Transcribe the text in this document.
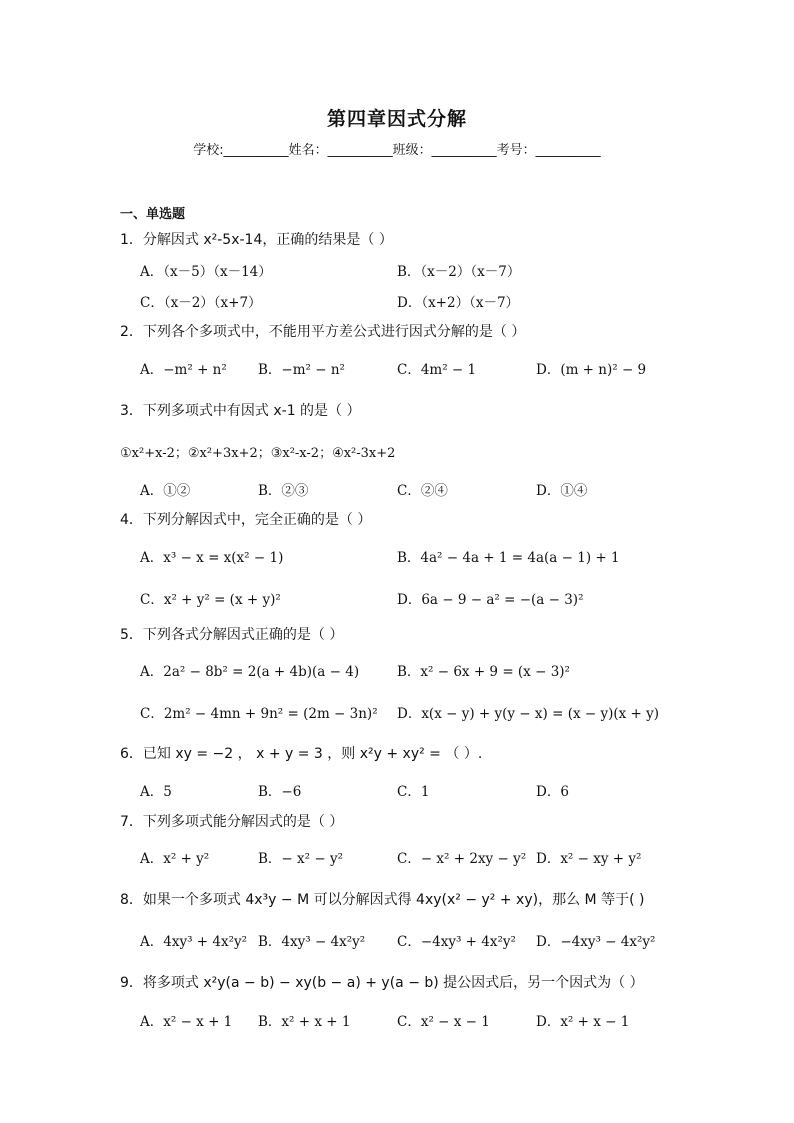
第四章因式分解
学校:__________姓名：__________班级：__________考号：__________
一、单选题
1．分解因式 x²-5x-14，正确的结果是（ ）
A．（x－5）（x－14）	B．（x－2）（x－7）
C．（x－2）（x+7）	D．（x+2）（x－7）
2．下列各个多项式中，不能用平方差公式进行因式分解的是（ ）
A．−m² + n² B．−m² − n²	C．4m² − 1	D．(m + n)² − 9
3．下列多项式中有因式 x-1 的是（ ）
①x²+x-2；②x²+3x+2；③x²-x-2；④x²-3x+2
A．①②	B．②③	C．②④	D．①④
4．下列分解因式中，完全正确的是（ ）
A．x³ − x = x(x² − 1)	B．4a² − 4a + 1 = 4a(a − 1) + 1
C．x² + y² = (x + y)²	D．6a − 9 − a² = −(a − 3)²
5．下列各式分解因式正确的是（ ）
A．2a² − 8b² = 2(a + 4b)(a − 4)	B．x² − 6x + 9 = (x − 3)²
C．2m² − 4mn + 9n² = (2m − 3n)² D．x(x − y) + y(y − x) = (x − y)(x + y)
6．已知 xy = −2 ， x + y = 3 ，则 x²y + xy² = （ ）.
A．5	B．−6	C．1	D．6
7．下列多项式能分解因式的是（ ）
A．x² + y²	B．− x² − y²	C．− x² + 2xy − y² D．x² − xy + y²
8．如果一个多项式 4x³y − M 可以分解因式得 4xy(x² − y² + xy)，那么 M 等于( )
A．4xy³ + 4x²y² B．4xy³ − 4x²y² C．−4xy³ + 4x²y² D．−4xy³ − 4x²y²
9．将多项式 x²y(a − b) − xy(b − a) + y(a − b) 提公因式后，另一个因式为（ ）
A．x² − x + 1 B．x² + x + 1	C．x² − x − 1	D．x² + x − 1
